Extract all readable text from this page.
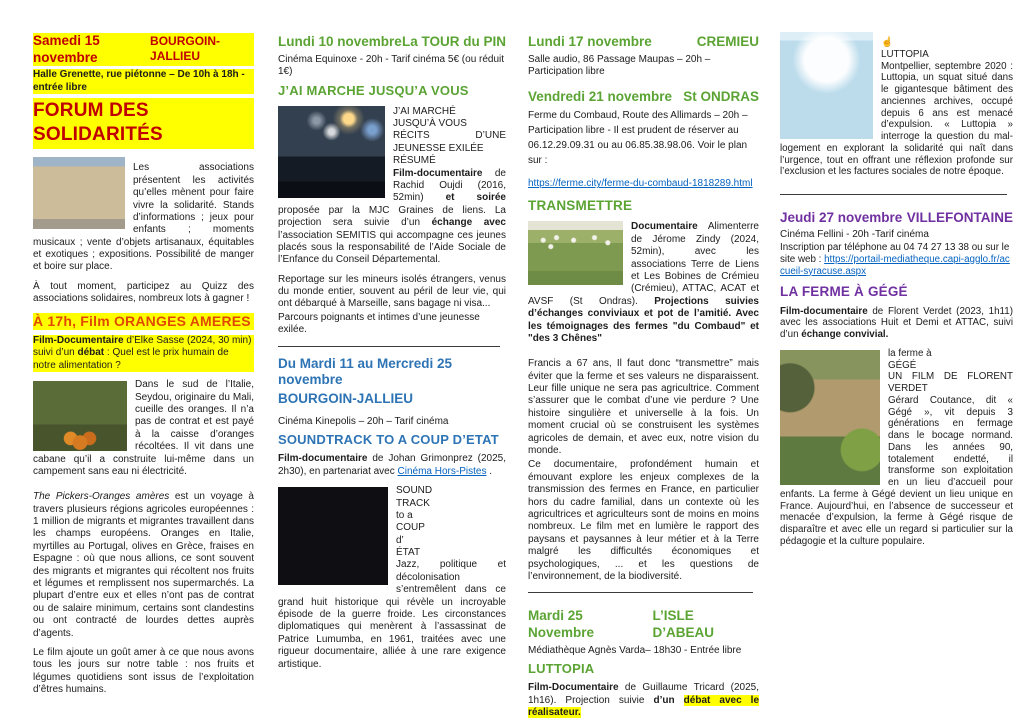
Samedi 15 novembre
BOURGOIN-JALLIEU
Halle Grenette, rue piétonne – De 10h à 18h - entrée libre
FORUM DES SOLIDARITÉS

Les associations présentent les activités qu’elles mènent pour faire vivre la solidarité. Stands d’informations ; jeux pour enfants ; moments musicaux ; vente d’objets artisanaux, équitables et exotiques ; expositions. Possibilité de manger et boire sur place.

À tout moment, participez au Quizz des associations solidaires, nombreux lots à gagner !

À 17h, Film ORANGES AMERES

Film-Documentaire d’Elke Sasse (2024, 30 min) suivi d’un débat : Quel est le prix humain de notre alimentation ?

Dans le sud de l’Italie, Seydou, originaire du Mali, cueille des oranges. Il n’a pas de contrat et est payé à la caisse d’oranges récoltées. Il vit dans une cabane qu’il a construite lui-même dans un campement sans eau ni électricité.

The Pickers-Oranges amères est un voyage à travers plusieurs régions agricoles européennes : 1 million de migrants et migrantes travaillent dans les champs européens. Oranges en Italie, myrtilles au Portugal, olives en Grèce, fraises en Espagne : où que nous allions, ce sont souvent des migrants et migrantes qui récoltent nos fruits et légumes et remplissent nos supermarchés. La plupart d’entre eux et elles n’ont pas de contrat ou de salaire minimum, certains sont clandestins ou ont contracté de lourdes dettes auprès d’agents.

Le film ajoute un goût amer à ce que nous avons tous les jours sur notre table : nos fruits et légumes quotidiens sont issus de l’exploitation d’êtres humains.

Lundi 10 novembre La TOUR du PIN
Cinéma Equinoxe - 20h - Tarif cinéma 5€ (ou réduit 1€)
J’AI MARCHE JUSQU’A VOUS

J’AI MARCHÉ
JUSQU’À VOUS
RÉCITS D’UNE JEUNESSE EXILÉE
RÉSUMÉ
Film-documentaire de Rachid Oujdi (2016, 52min) et soirée proposée par la MJC Graines de liens. La projection sera suivie d’un échange avec l’association SEMITIS qui accompagne ces jeunes placés sous la responsabilité de l’Aide Sociale de l’Enfance du Conseil Départemental.

Reportage sur les mineurs isolés étrangers, venus du monde entier, souvent au péril de leur vie, qui ont débarqué à Marseille, sans bagage ni visa...

Parcours poignants et intimes d’une jeunesse exilée.

Du Mardi 11 au Mercredi 25 novembre
BOURGOIN-JALLIEU
Cinéma Kinepolis – 20h – Tarif cinéma
SOUNDTRACK TO A COUP D’ETAT

Film-documentaire de Johan Grimonprez (2025, 2h30), en partenariat avec Cinéma Hors-Pistes .

SOUND
TRACK
to a
COUP
d’
ÉTAT
Jazz, politique et décolonisation s’entremêlent dans ce grand huit historique qui révèle un incroyable épisode de la guerre froide. Les circonstances diplomatiques qui menèrent à l’assassinat de Patrice Lumumba, en 1961, traitées avec une rigueur documentaire, alliée à une rare exigence artistique.

Lundi 17 novembre	CREMIEU
Salle audio, 86 Passage Maupas – 20h – Participation libre
Vendredi 21 novembre St ONDRAS
Ferme du Combaud, Route des Allimards – 20h – Participation libre - Il est prudent de réserver au 06.12.29.09.31 ou au 06.85.38.98.06. Voir le plan sur :

https://ferme.city/ferme-du-combaud-1818289.html

TRANSMETTRE

Documentaire Alimenterre de Jérome Zindy (2024, 52min), avec les associations Terre de Liens et Les Bobines de Crémieu (Crémieu), ATTAC, ACAT et AVSF (St Ondras). Projections suivies d’échanges conviviaux et pot de l’amitié. Avec les témoignages des fermes "du Combaud" et "des 3 Chênes"

Francis a 67 ans, Il faut donc “transmettre” mais éviter que la ferme et ses valeurs ne disparaissent. Leur fille unique ne sera pas agricultrice. Comment s’assurer que le combat d’une vie perdure ? Une histoire singulière et universelle à la fois. Un moment crucial où se construisent les systèmes agricoles de demain, et avec eux, notre vision du monde.

Ce documentaire, profondément humain et émouvant explore les enjeux complexes de la transmission des fermes en France, en particulier hors du cadre familial, dans un contexte où les agricultrices et agriculteurs sont de moins en moins nombreux. Le film met en lumière le rapport des paysans et paysannes à leur métier et à la Terre malgré les difficultés économiques et psychologiques, ... et les questions de l’environnement, de la biodiversité.

Mardi 25 Novembre
L’ISLE D’ABEAU
Médiathèque Agnès Varda– 18h30 - Entrée libre
LUTTOPIA

Film-Documentaire de Guillaume Tricard (2025, 1h16). Projection suivie d’un débat avec le réalisateur.

☝
LUTTOPIA
Montpellier, septembre 2020 : Luttopia, un squat situé dans le gigantesque bâtiment des anciennes archives, occupé depuis 6 ans est menacé d’expulsion. « Luttopia » interroge la question du mal-logement en explorant la solidarité qui naît dans l’urgence, tout en offrant une réflexion profonde sur l’exclusion et les factures sociales de notre époque.

Jeudi 27 novembre VILLEFONTAINE
Cinéma Fellini - 20h -Tarif cinéma

Inscription par téléphone au 04 74 27 13 38 ou sur le site web : https://portail-mediatheque.capi-agglo.fr/accueil-syracuse.aspx

LA FERME À GÉGÉ

Film-documentaire de Florent Verdet (2023, 1h11) avec les associations Huit et Demi et ATTAC, suivi d’un échange convivial.

la ferme à
GÉGÉ
UN FILM DE FLORENT VERDET
Gérard Coutance, dit « Gégé », vit depuis 3 générations en fermage dans le bocage normand. Dans les années 90, totalement endetté, il transforme son exploitation en un lieu d’accueil pour enfants. La ferme à Gégé devient un lieu unique en France. Aujourd’hui, en l’absence de successeur et menacée d’expulsion, la ferme à Gégé risque de disparaître et avec elle un regard si particulier sur la pédagogie et la culture populaire.
